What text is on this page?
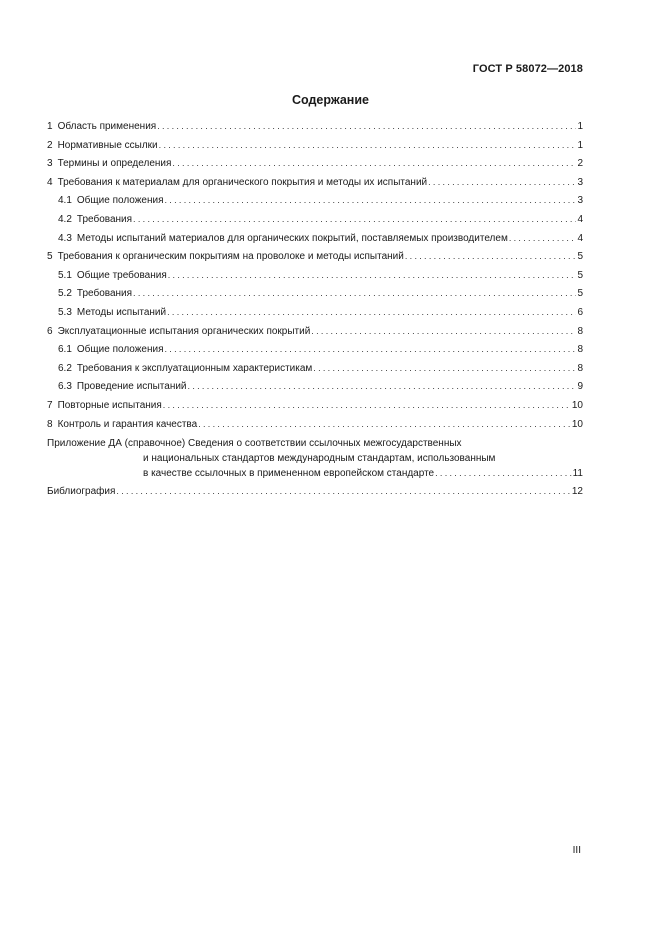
ГОСТ Р 58072—2018
Содержание
1 Область применения .....	1
2 Нормативные ссылки .....	1
3 Термины и определения .....	2
4 Требования к материалам для органического покрытия и методы их испытаний .....	3
4.1 Общие положения .....	3
4.2 Требования .....	4
4.3 Методы испытаний материалов для органических покрытий, поставляемых производителем .....	4
5 Требования к органическим покрытиям на проволоке и методы испытаний .....	5
5.1 Общие требования .....	5
5.2 Требования .....	5
5.3 Методы испытаний .....	6
6 Эксплуатационные испытания органических покрытий .....	8
6.1 Общие положения .....	8
6.2 Требования к эксплуатационным характеристикам .....	8
6.3 Проведение испытаний .....	9
7 Повторные испытания .....	10
8 Контроль и гарантия качества .....	10
Приложение ДА (справочное) Сведения о соответствии ссылочных межгосударственных
и национальных стандартов международным стандартам, использованным
в качестве ссылочных в примененном европейском стандарте .....	11
Библиография .....	12
III
